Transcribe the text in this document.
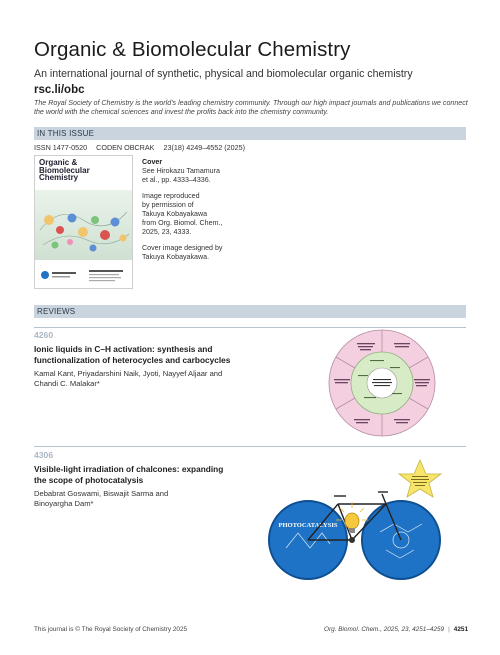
Organic & Biomolecular Chemistry
An international journal of synthetic, physical and biomolecular organic chemistry
rsc.li/obc
The Royal Society of Chemistry is the world's leading chemistry community. Through our high impact journals and publications we connect the world with the chemical sciences and invest the profits back into the chemistry community.
IN THIS ISSUE
ISSN 1477-0520 CODEN OBCRAK 23(18) 4249–4552 (2025)
Organic &
Biomolecular
Chemistry

Cover
See Hirokazu Tamamura
et al., pp. 4333–4336.

Image reproduced
by permission of
Takuya Kobayakawa
from Org. Biomol. Chem.,
2025, 23, 4333.

Cover image designed by
Takuya Kobayakawa.

REVIEWS
4260
Ionic liquids in C–H activation: synthesis and
functionalization of heterocycles and carbocycles
Kamal Kant, Priyadarshini Naik, Jyoti, Nayyef Aljaar and
Chandi C. Malakar*
4306
Visible-light irradiation of chalcones: expanding
the scope of photocatalysis
Debabrat Goswami, Biswajit Sarma and
Binoyargha Dam*
PHOTOCATALYSIS
This journal is © The Royal Society of Chemistry 2025	Org. Biomol. Chem., 2025, 23, 4251–4259 | 4251
